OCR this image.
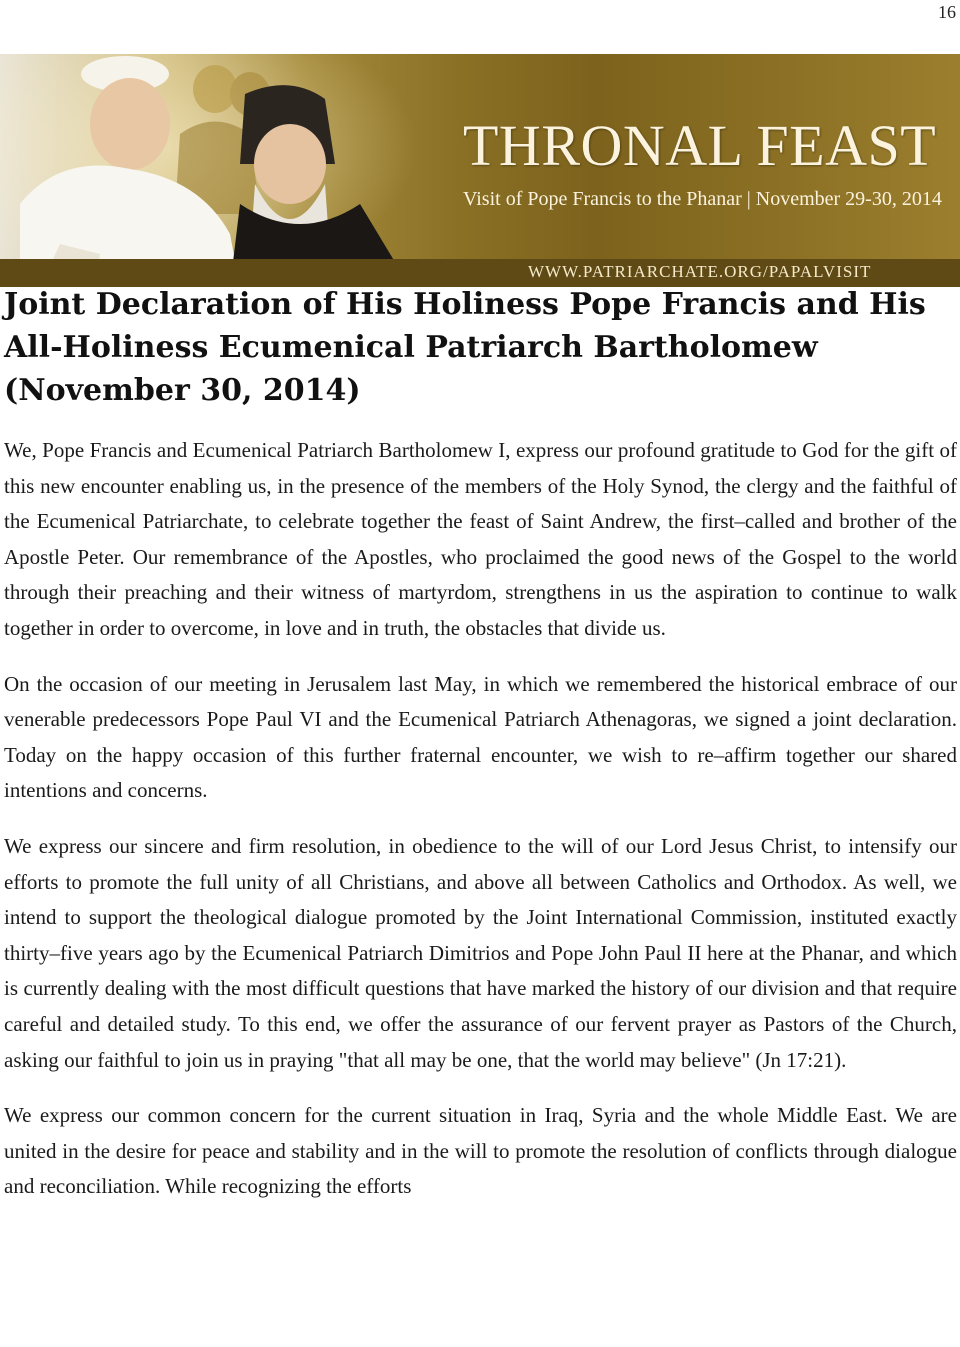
16
THRONAL FEAST
Visit of Pope Francis to the Phanar | November 29-30, 2014
WWW.PATRIARCHATE.ORG/PAPALVISIT
Joint Declaration of His Holiness Pope Francis and His
All-Holiness Ecumenical Patriarch Bartholomew
(November 30, 2014)

We, Pope Francis and Ecumenical Patriarch Bartholomew I, express our profound gratitude to God for the gift of this new encounter enabling us, in the presence of the members of the Holy Synod, the clergy and the faithful of the Ecumenical Patriarchate, to celebrate together the feast of Saint Andrew, the first–called and brother of the Apostle Peter. Our remembrance of the Apostles, who proclaimed the good news of the Gospel to the world through their preaching and their witness of martyrdom, strengthens in us the aspiration to continue to walk together in order to overcome, in love and in truth, the obstacles that divide us.

On the occasion of our meeting in Jerusalem last May, in which we remembered the historical embrace of our venerable predecessors Pope Paul VI and the Ecumenical Patriarch Athenagoras, we signed a joint declaration. Today on the happy occasion of this further fraternal encounter, we wish to re–affirm together our shared intentions and concerns.

We express our sincere and firm resolution, in obedience to the will of our Lord Jesus Christ, to intensify our efforts to promote the full unity of all Christians, and above all between Catholics and Orthodox. As well, we intend to support the theological dialogue promoted by the Joint International Commission, instituted exactly thirty–five years ago by the Ecumenical Patriarch Dimitrios and Pope John Paul II here at the Phanar, and which is currently dealing with the most difficult questions that have marked the history of our division and that require careful and detailed study. To this end, we offer the assurance of our fervent prayer as Pastors of the Church, asking our faithful to join us in praying "that all may be one, that the world may believe" (Jn 17:21).

We express our common concern for the current situation in Iraq, Syria and the whole Middle East. We are united in the desire for peace and stability and in the will to promote the resolution of conflicts through dialogue and reconciliation. While recognizing the efforts
